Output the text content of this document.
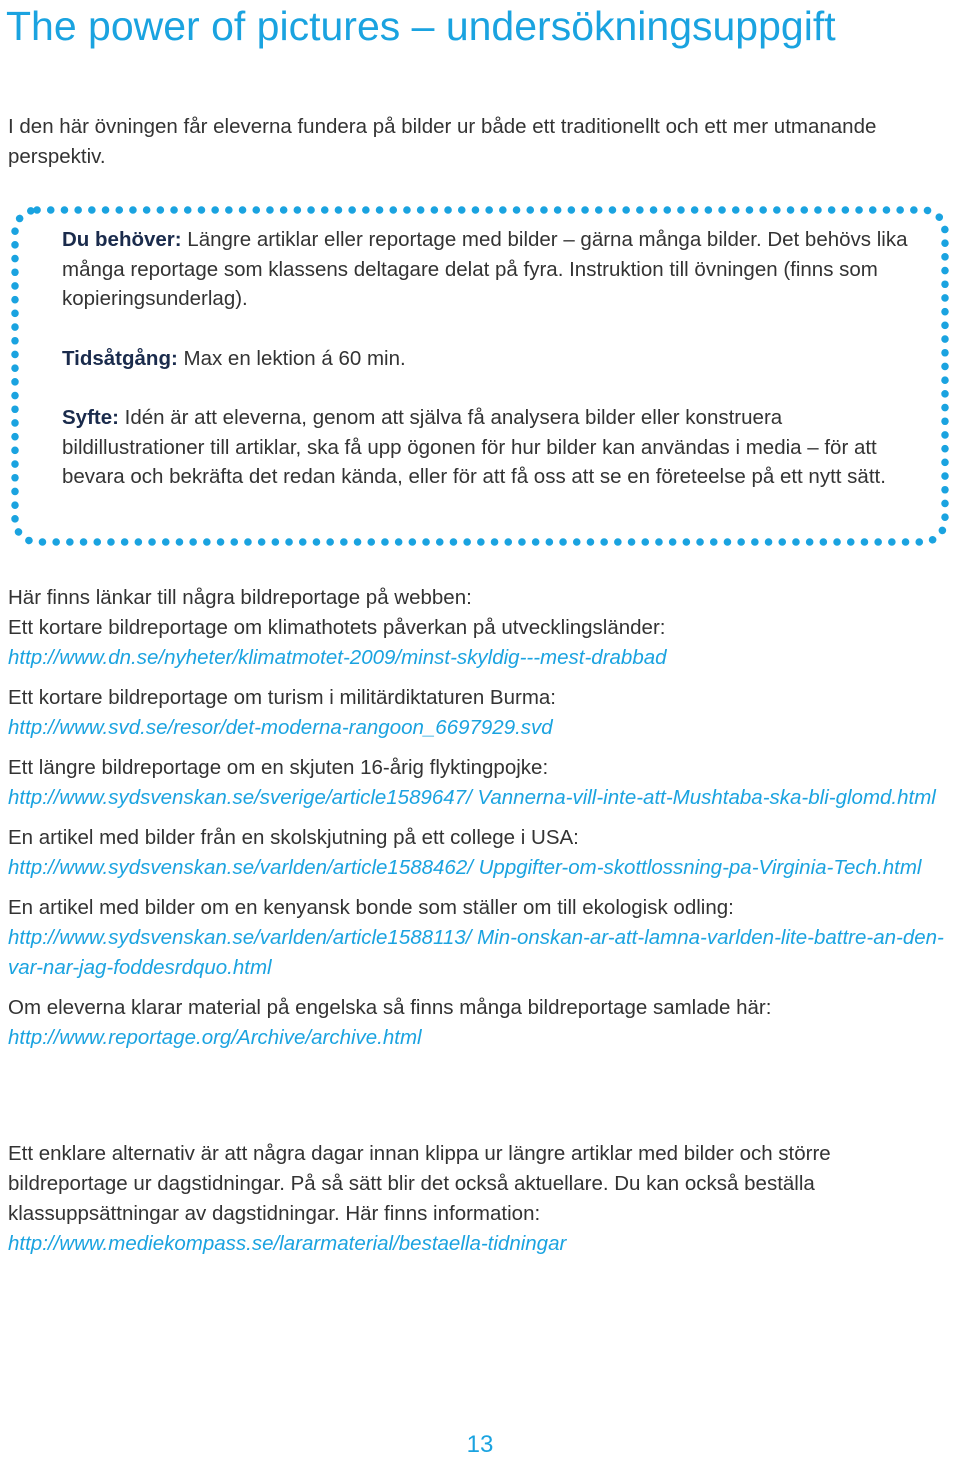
The power of pictures – undersökningsuppgift

I den här övningen får eleverna fundera på bilder ur både ett traditionellt och ett mer utmanande perspektiv.

Du behöver: Längre artiklar eller reportage med bilder – gärna många bilder. Det behövs lika många reportage som klassens deltagare delat på fyra. Instruktion till övningen (finns som kopieringsunderlag).

Tidsåtgång: Max en lektion á 60 min.

Syfte: Idén är att eleverna, genom att själva få analysera bilder eller konstruera bildillustrationer till artiklar, ska få upp ögonen för hur bilder kan användas i media – för att bevara och bekräfta det redan kända, eller för att få oss att se en företeelse på ett nytt sätt.

Här finns länkar till några bildreportage på webben:

Ett kortare bildreportage om klimathotets påverkan på utvecklingsländer:
http://www.dn.se/nyheter/klimatmotet-2009/minst-skyldig---mest-drabbad

Ett kortare bildreportage om turism i militärdiktaturen Burma:
http://www.svd.se/resor/det-moderna-rangoon_6697929.svd

Ett längre bildreportage om en skjuten 16-årig flyktingpojke:
http://www.sydsvenskan.se/sverige/article1589647/ Vannerna-vill-inte-att-Mushtaba-ska-bli-glomd.html

En artikel med bilder från en skolskjutning på ett college i USA:
http://www.sydsvenskan.se/varlden/article1588462/ Uppgifter-om-skottlossning-pa-Virginia-Tech.html

En artikel med bilder om en kenyansk bonde som ställer om till ekologisk odling:
http://www.sydsvenskan.se/varlden/article1588113/ Min-onskan-ar-att-lamna-varlden-lite-battre-an-den-var-nar-jag-foddesrdquo.html

Om eleverna klarar material på engelska så finns många bildreportage samlade här: http://www.reportage.org/Archive/archive.html

Ett enklare alternativ är att några dagar innan klippa ur längre artiklar med bilder och större bildreportage ur dagstidningar. På så sätt blir det också aktuellare. Du kan också beställa klassuppsättningar av dagstidningar. Här finns information: http://www.mediekompass.se/lararmaterial/bestaella-tidningar

13
